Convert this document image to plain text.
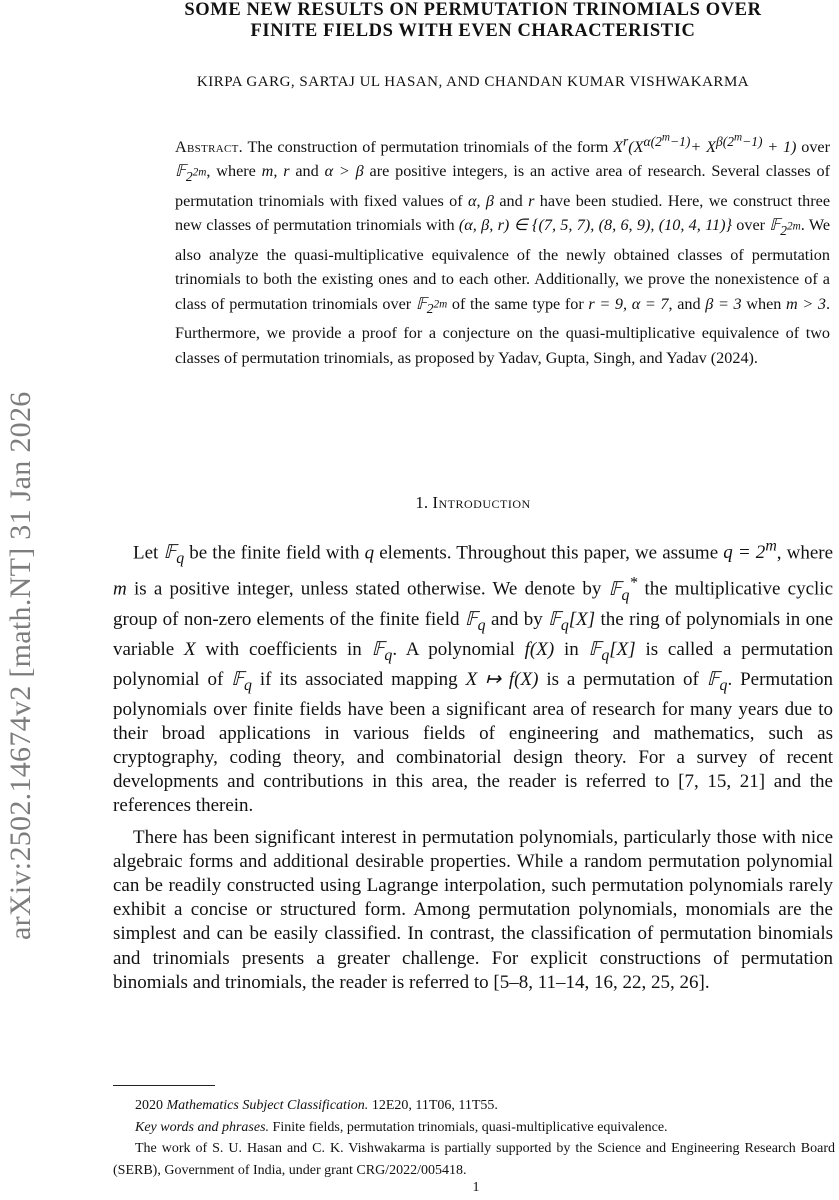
arXiv:2502.14674v2 [math.NT] 31 Jan 2026
SOME NEW RESULTS ON PERMUTATION TRINOMIALS OVER
FINITE FIELDS WITH EVEN CHARACTERISTIC
KIRPA GARG, SARTAJ UL HASAN, AND CHANDAN KUMAR VISHWAKARMA
Abstract. The construction of permutation trinomials of the form $X^r(X^{\alpha(2^m-1)}+ X^{\beta(2^m-1)} + 1)$ over 𝔽$_{2^{2m}}$, where m, r and α > β are positive integers, is an active area of research. Several classes of permutation trinomials with fixed values of α, β and r have been studied. Here, we construct three new classes of permutation trinomials with (α, β, r) ∈ {(7, 5, 7), (8, 6, 9), (10, 4, 11)} over 𝔽$_{2^{2m}}$. We also analyze the quasi-multiplicative equivalence of the newly obtained classes of permutation trinomials to both the existing ones and to each other. Additionally, we prove the nonexistence of a class of permutation trinomials over 𝔽$_{2^{2m}}$ of the same type for r = 9, α = 7, and β = 3 when m > 3. Furthermore, we provide a proof for a conjecture on the quasi-multiplicative equivalence of two classes of permutation trinomials, as proposed by Yadav, Gupta, Singh, and Yadav (2024).
1. Introduction

Let 𝔽$_q$ be the finite field with q elements. Throughout this paper, we assume $q = 2^m$, where m is a positive integer, unless stated otherwise. We denote by 𝔽$_q$* the multiplicative cyclic group of non-zero elements of the finite field 𝔽$_q$ and by 𝔽$_q$[X] the ring of polynomials in one variable X with coefficients in 𝔽$_q$. A polynomial f(X) in 𝔽$_q$[X] is called a permutation polynomial of 𝔽$_q$ if its associated mapping X ↦ f(X) is a permutation of 𝔽$_q$. Permutation polynomials over finite fields have been a significant area of research for many years due to their broad applications in various fields of engineering and mathematics, such as cryptography, coding theory, and combinatorial design theory. For a survey of recent developments and contributions in this area, the reader is referred to [7, 15, 21] and the references therein.

There has been significant interest in permutation polynomials, particularly those with nice algebraic forms and additional desirable properties. While a random permutation polynomial can be readily constructed using Lagrange interpolation, such permutation polynomials rarely exhibit a concise or structured form. Among permutation polynomials, monomials are the simplest and can be easily classified. In contrast, the classification of permutation binomials and trinomials presents a greater challenge. For explicit constructions of permutation binomials and trinomials, the reader is referred to [5–8, 11–14, 16, 22, 25, 26].

2020 Mathematics Subject Classification. 12E20, 11T06, 11T55.

Key words and phrases. Finite fields, permutation trinomials, quasi-multiplicative equivalence.

The work of S. U. Hasan and C. K. Vishwakarma is partially supported by the Science and Engineering Research Board (SERB), Government of India, under grant CRG/2022/005418.

1
